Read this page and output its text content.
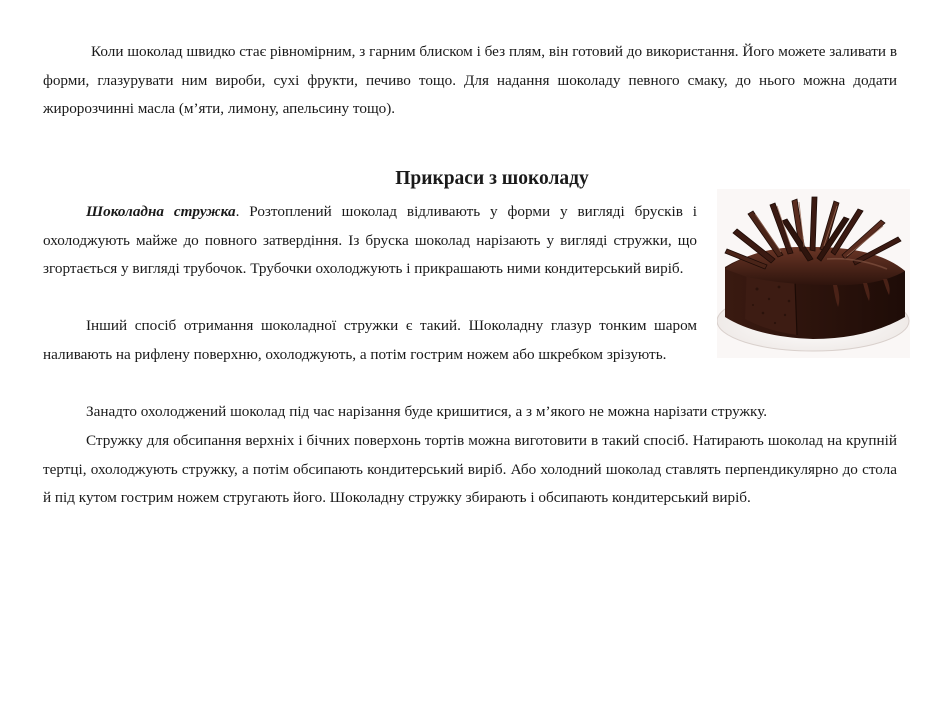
Коли шоколад швидко стає рівномірним, з гарним блиском і без плям, він готовий до використання. Його можете заливати в форми, глазурувати ним вироби, сухі фрукти, печиво тощо. Для надання шоколаду певного смаку, до нього можна додати жиророзчинні масла (м’яти, лимону, апельсину тощо).

Прикраси з шоколаду

Шоколадна стружка. Розтоплений шоколад відливають у форми у вигляді брусків і охолоджують майже до повного затвердіння. Із бруска шоколад нарізають у вигляді стружки, що згортається у вигляді трубочок. Трубочки охолоджують і прикрашають ними кондитерський виріб.

Інший спосіб отримання шоколадної стружки є такий. Шоколадну глазур тонким шаром наливають на рифлену поверхню, охолоджують, а потім гострим ножем або шкребком зрізують.

Занадто охолоджений шоколад під час нарізання буде кришитися, а з м’якого не можна нарізати стружку.

Стружку для обсипання верхніх і бічних поверхонь тортів можна виготовити в такий спосіб. Натирають шоколад на крупній тертці, охолоджують стружку, а потім обсипають кондитерський виріб. Або холодний шоколад ставлять перпендикулярно до стола й під кутом гострим ножем стругають його. Шоколадну стружку збирають і обсипають кондитерський виріб.
